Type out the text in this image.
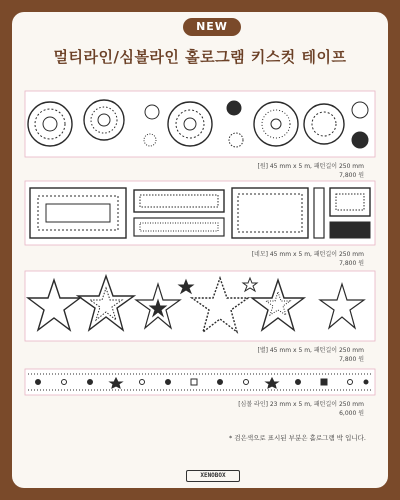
NEW
멀티라인/심볼라인 홀로그램 키스컷 테이프
[원] 45 mm x 5 m, 패턴길이 250 mm
7,800 원
[네모] 45 mm x 5 m, 패턴길이 250 mm
7,800 원
[별] 45 mm x 5 m, 패턴길이 250 mm
7,800 원
[심볼 라인] 23 mm x 5 m, 패턴길이 250 mm
6,000 원
* 검은색으로 표시된 부분은 홀로그램 박 입니다.
XENOBOX
